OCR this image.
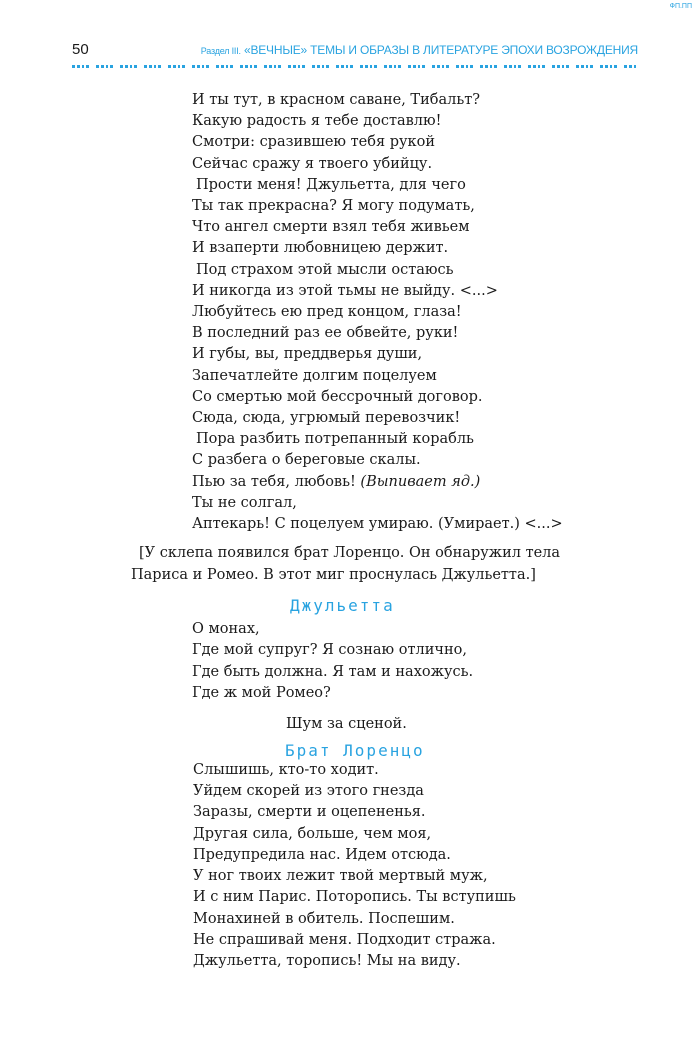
ФП.ПП
50	Раздел III. «ВЕЧНЫЕ» ТЕМЫ И ОБРАЗЫ В ЛИТЕРАТУРЕ ЭПОХИ ВОЗРОЖДЕНИЯ
И ты тут, в красном саване, Тибальт?
Какую радость я тебе доставлю!
Смотри: сразившею тебя рукой
Сейчас сражу я твоего убийцу.
Прости меня! Джульетта, для чего
Ты так прекрасна? Я могу подумать,
Что ангел смерти взял тебя живьем
И взаперти любовницею держит.
Под страхом этой мысли остаюсь
И никогда из этой тьмы не выйду. <...>
Любуйтесь ею пред концом, глаза!
В последний раз ее обвейте, руки!
И губы, вы, преддверья души,
Запечатлейте долгим поцелуем
Со смертью мой бессрочный договор.
Сюда, сюда, угрюмый перевозчик!
Пора разбить потрепанный корабль
С разбега о береговые скалы.
Пью за тебя, любовь! (Выпивает яд.)
Ты не солгал,
Аптекарь! С поцелуем умираю. (Умирает.) <...>
[У склепа появился брат Лоренцо. Он обнаружил тела
Париса и Ромео. В этот миг проснулась Джульетта.]
Джульетта
О монах,
Где мой супруг? Я сознаю отлично,
Где быть должна. Я там и нахожусь.
Где ж мой Ромео?
Шум за сценой.
Брат Лоренцо
Слышишь, кто-то ходит.
Уйдем скорей из этого гнезда
Заразы, смерти и оцепененья.
Другая сила, больше, чем моя,
Предупредила нас. Идем отсюда.
У ног твоих лежит твой мертвый муж,
И с ним Парис. Поторопись. Ты вступишь
Монахиней в обитель. Поспешим.
Не спрашивай меня. Подходит стража.
Джульетта, торопись! Мы на виду.
